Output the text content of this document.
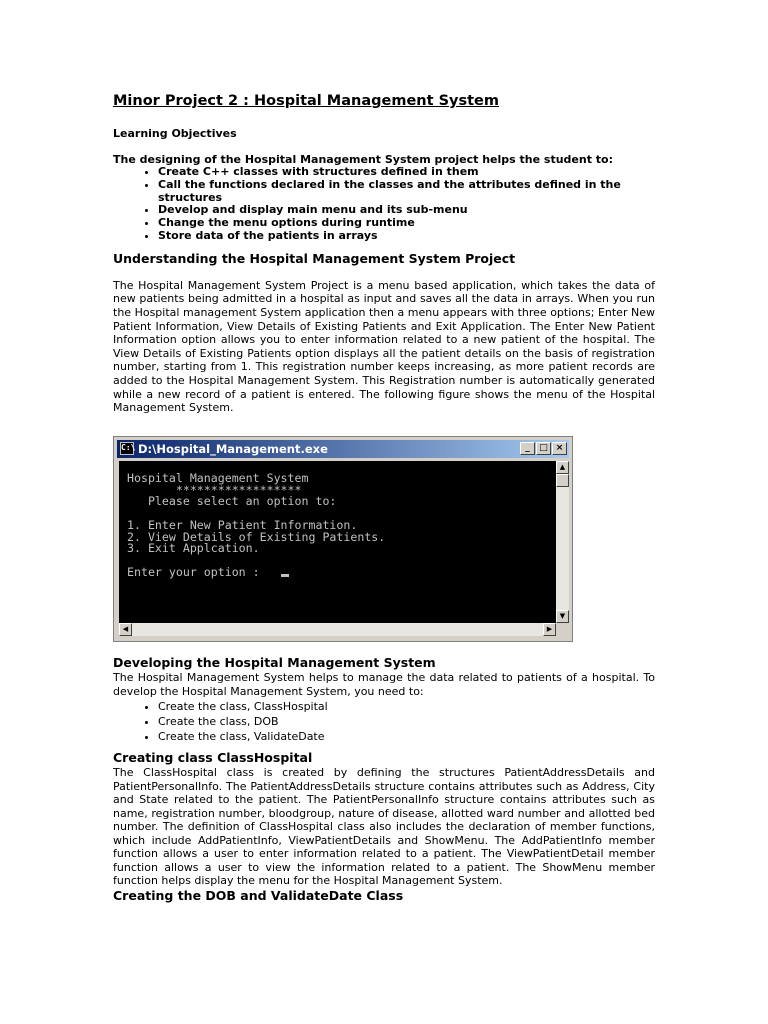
Minor Project 2 : Hospital Management System
Learning Objectives
The designing of the Hospital Management System project helps the student to:
• Create C++ classes with structures defined in them
• Call the functions declared in the classes and the attributes defined in the structures
• Develop and display main menu and its sub-menu
• Change the menu options during runtime
• Store data of the patients in arrays
Understanding the Hospital Management System Project
The Hospital Management System Project is a menu based application, which takes the data of new patients being admitted in a hospital as input and saves all the data in arrays. When you run the Hospital management System application then a menu appears with three options; Enter New Patient Information, View Details of Existing Patients and Exit Application. The Enter New Patient Information option allows you to enter information related to a new patient of the hospital. The View Details of Existing Patients option displays all the patient details on the basis of registration number, starting from 1. This registration number keeps increasing, as more patient records are added to the Hospital Management System. This Registration number is automatically generated while a new record of a patient is entered. The following figure shows the menu of the Hospital Management System.
C:\ D:\Hospital_Management.exe	_	□ ×
Hospital Management System
******************
Please select an option to:
1. Enter New Patient Information.
2. View Details of Existing Patients.
3. Exit Applcation.
Enter your option :
▲
▼
◀	▶
Developing the Hospital Management System
The Hospital Management System helps to manage the data related to patients of a hospital. To develop the Hospital Management System, you need to:
• Create the class, ClassHospital
• Create the class, DOB
• Create the class, ValidateDate
Creating class ClassHospital
The ClassHospital class is created by defining the structures PatientAddressDetails and PatientPersonalInfo. The PatientAddressDetails structure contains attributes such as Address, City and State related to the patient. The PatientPersonalInfo structure contains attributes such as name, registration number, bloodgroup, nature of disease, allotted ward number and allotted bed number. The definition of ClassHospital class also includes the declaration of member functions, which include AddPatientInfo, ViewPatientDetails and ShowMenu. The AddPatientInfo member function allows a user to enter information related to a patient. The ViewPatientDetail member function allows a user to view the information related to a patient. The ShowMenu member function helps display the menu for the Hospital Management System.
Creating the DOB and ValidateDate Class
